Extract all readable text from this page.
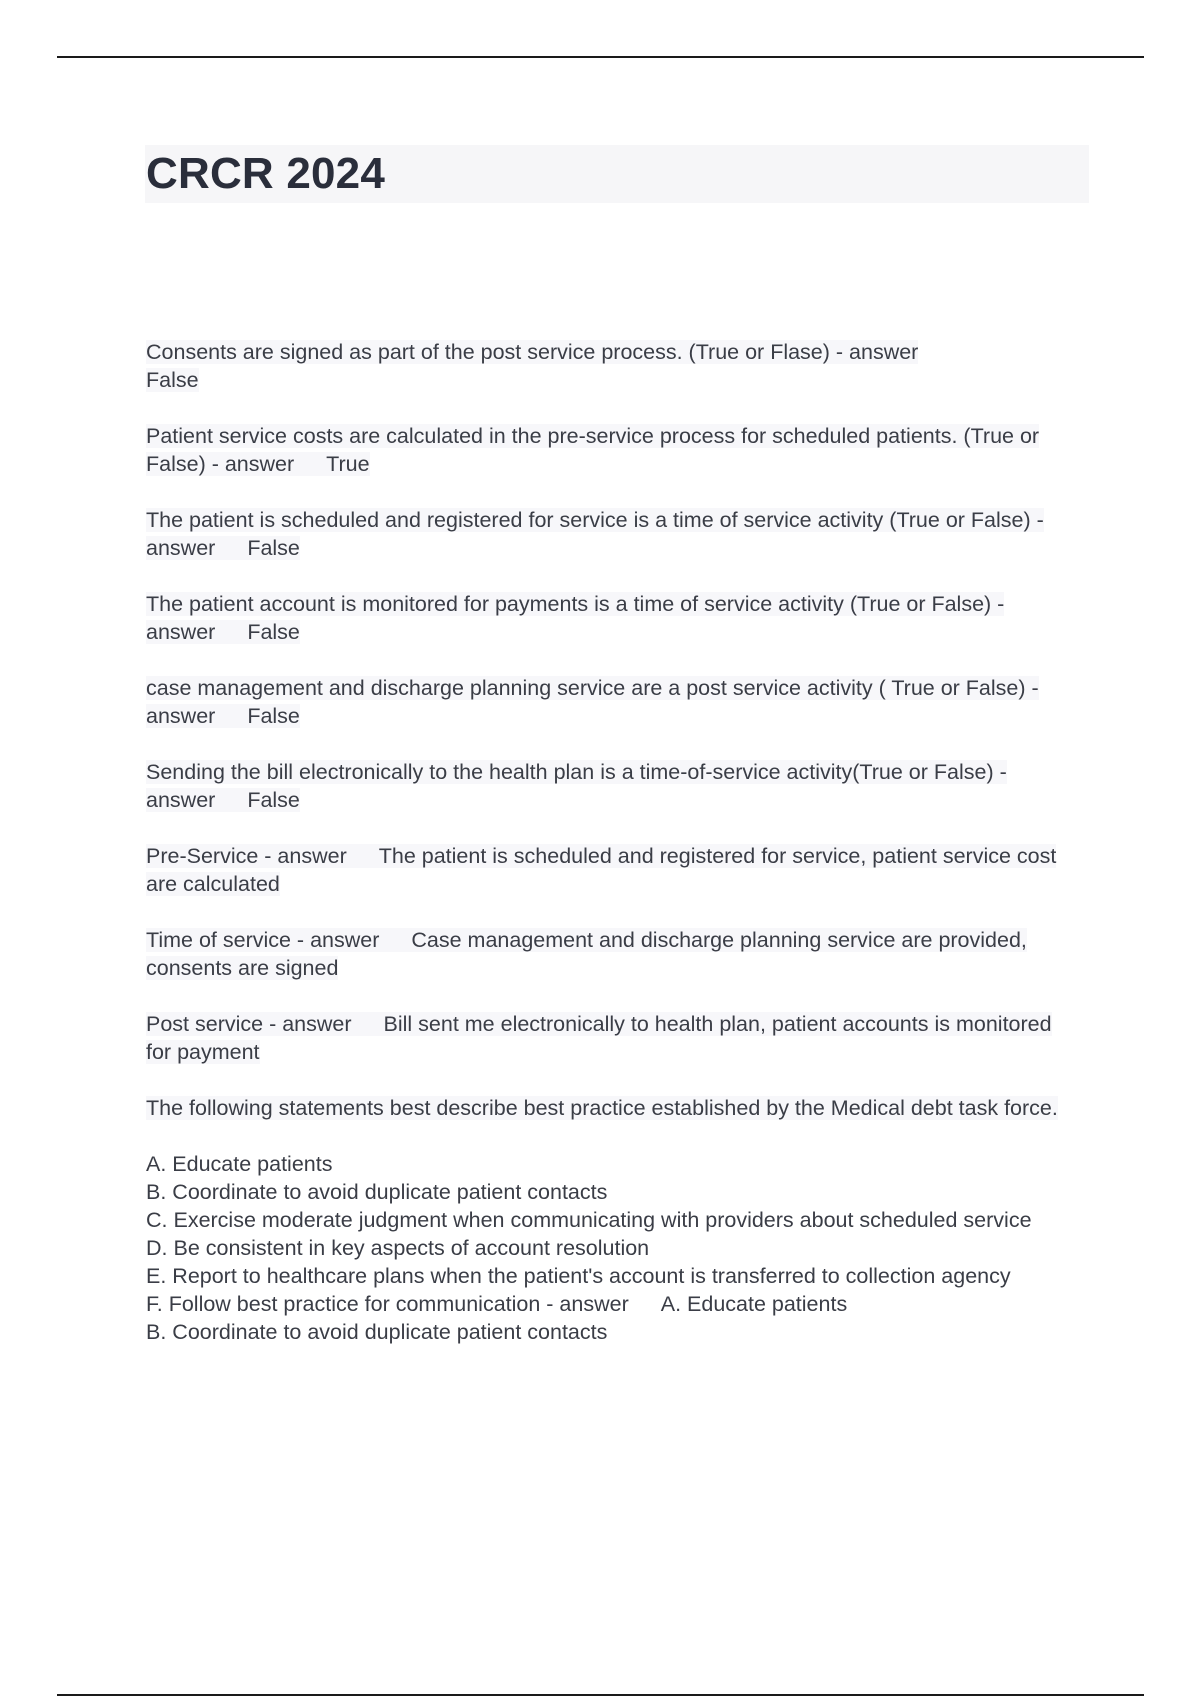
CRCR 2024

Consents are signed as part of the post service process. (True or Flase) - answer
False

Patient service costs are calculated in the pre-service process for scheduled patients. (True or False) - answer True

The patient is scheduled and registered for service is a time of service activity (True or False) - answer False

The patient account is monitored for payments is a time of service activity (True or False) - answer False

case management and discharge planning service are a post service activity ( True or False) - answer False

Sending the bill electronically to the health plan is a time-of-service activity(True or False) - answer False

Pre-Service - answer The patient is scheduled and registered for service, patient service cost are calculated

Time of service - answer Case management and discharge planning service are provided, consents are signed

Post service - answer Bill sent me electronically to health plan, patient accounts is monitored for payment

The following statements best describe best practice established by the Medical debt task force.

A. Educate patients
B. Coordinate to avoid duplicate patient contacts
C. Exercise moderate judgment when communicating with providers about scheduled service
D. Be consistent in key aspects of account resolution
E. Report to healthcare plans when the patient's account is transferred to collection agency
F. Follow best practice for communication - answer A. Educate patients
B. Coordinate to avoid duplicate patient contacts
